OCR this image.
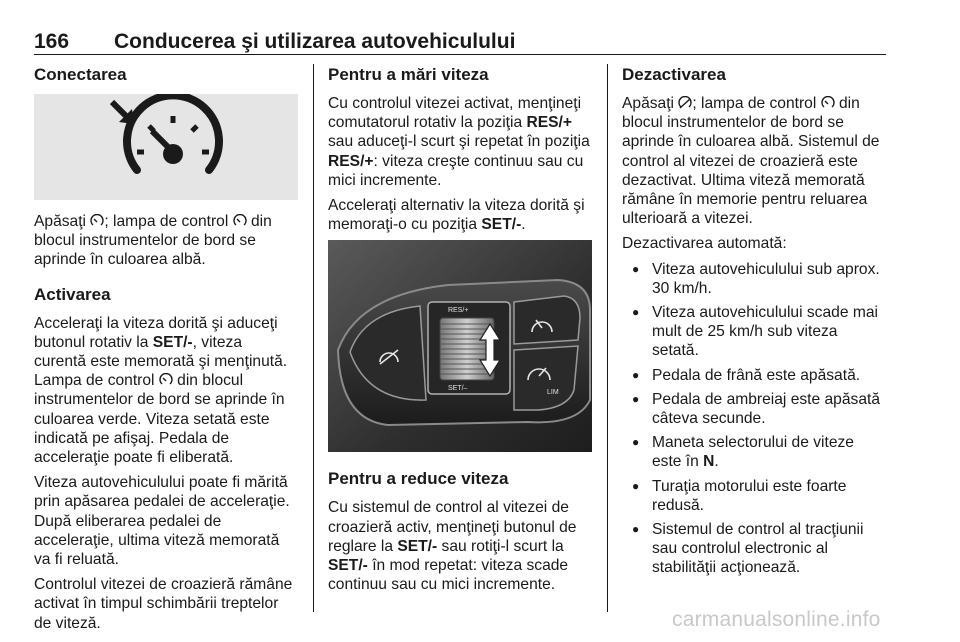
166 Conducerea şi utilizarea autovehiculului
Conectarea

Apăsaţi ; lampa de control  din blocul instrumentelor de bord se aprinde în culoarea albă.

Activarea

Acceleraţi la viteza dorită şi aduceţi butonul rotativ la SET/-, viteza curentă este memorată şi menţinută. Lampa de control  din blocul instrumentelor de bord se aprinde în culoarea verde. Viteza setată este indicată pe afişaj. Pedala de acceleraţie poate fi eliberată.

Viteza autovehiculului poate fi mărită prin apăsarea pedalei de acceleraţie. După eliberarea pedalei de acceleraţie, ultima viteză memorată va fi reluată.

Controlul vitezei de croazieră rămâne activat în timpul schimbării treptelor de viteză.

Pentru a mări viteza

Cu controlul vitezei activat, menţineţi comutatorul rotativ la poziţia RES/+ sau aduceţi-l scurt şi repetat în poziţia RES/+: viteza creşte continuu sau cu mici incremente.

Acceleraţi alternativ la viteza dorită şi memoraţi-o cu poziţia SET/-.

RES/+
SET/–
LIM
Pentru a reduce viteza

Cu sistemul de control al vitezei de croazieră activ, menţineţi butonul de reglare la SET/- sau rotiţi-l scurt la SET/- în mod repetat: viteza scade continuu sau cu mici incremente.

Dezactivarea

Apăsaţi ; lampa de control  din blocul instrumentelor de bord se aprinde în culoarea albă. Sistemul de control al vitezei de croazieră este dezactivat. Ultima viteză memorată rămâne în memorie pentru reluarea ulterioară a vitezei.

Dezactivarea automată:

● Viteza autovehiculului sub aprox. 30 km/h.
● Viteza autovehiculului scade mai mult de 25 km/h sub viteza setată.
● Pedala de frână este apăsată.
● Pedala de ambreiaj este apăsată câteva secunde.
● Maneta selectorului de viteze este în N.
● Turaţia motorului este foarte redusă.
● Sistemul de control al tracţiunii sau controlul electronic al stabilităţii acţionează.
carmanualsonline.info
